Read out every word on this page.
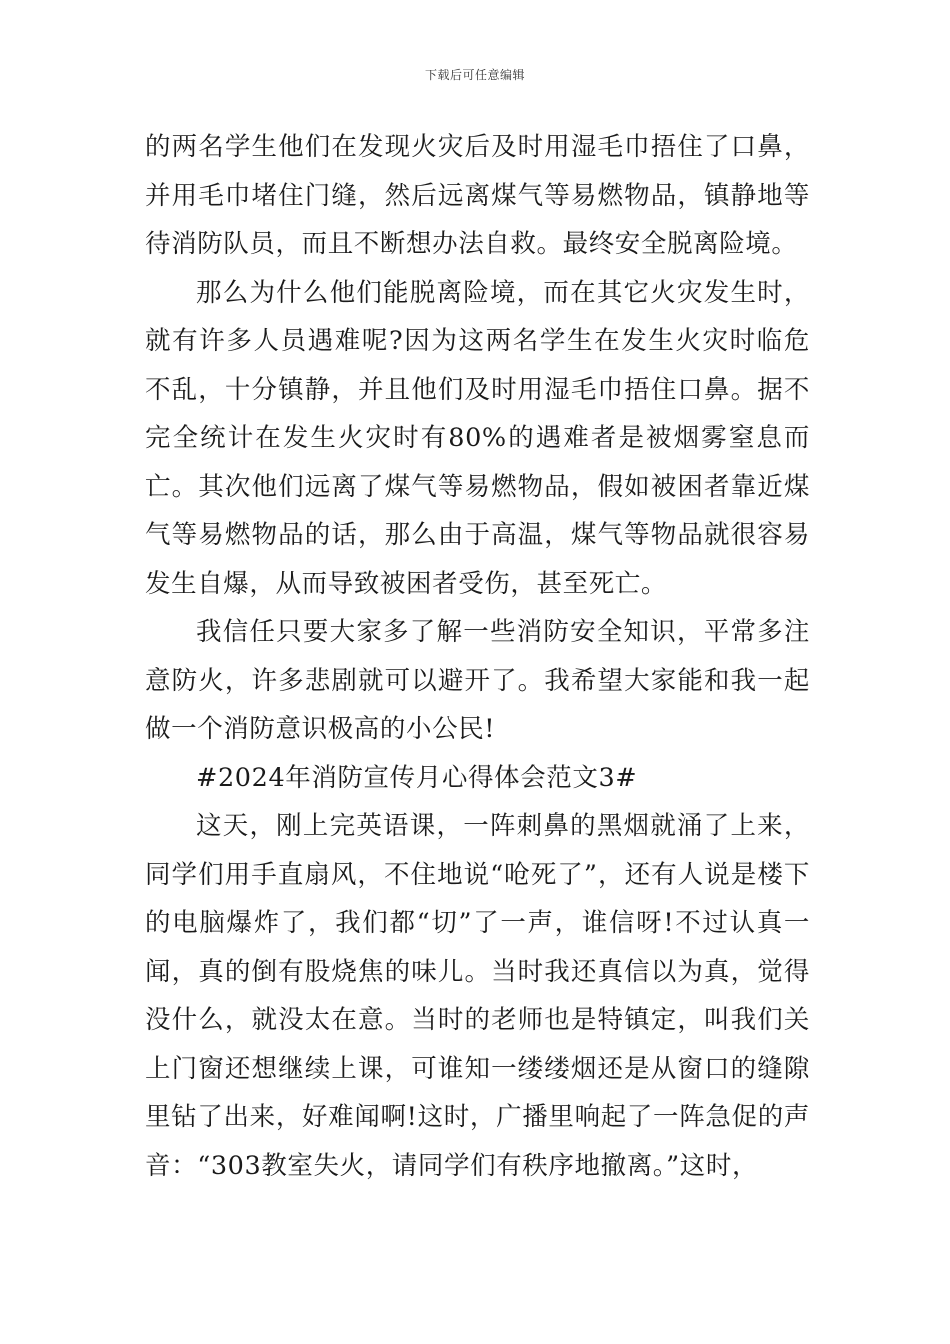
下载后可任意编辑

的两名学生他们在发现火灾后及时用湿毛巾捂住了口鼻，并用毛巾堵住门缝，然后远离煤气等易燃物品，镇静地等待消防队员，而且不断想办法自救。最终安全脱离险境。

那么为什么他们能脱离险境，而在其它火灾发生时，就有许多人员遇难呢?因为这两名学生在发生火灾时临危不乱，十分镇静，并且他们及时用湿毛巾捂住口鼻。据不完全统计在发生火灾时有80%的遇难者是被烟雾窒息而亡。其次他们远离了煤气等易燃物品，假如被困者靠近煤气等易燃物品的话，那么由于高温，煤气等物品就很容易发生自爆，从而导致被困者受伤，甚至死亡。

我信任只要大家多了解一些消防安全知识，平常多注意防火，许多悲剧就可以避开了。我希望大家能和我一起做一个消防意识极高的小公民!

#2024年消防宣传月心得体会范文3#

这天，刚上完英语课，一阵刺鼻的黑烟就涌了上来，同学们用手直扇风，不住地说“呛死了”，还有人说是楼下的电脑爆炸了，我们都“切”了一声，谁信呀!不过认真一闻，真的倒有股烧焦的味儿。当时我还真信以为真，觉得没什么，就没太在意。当时的老师也是特镇定，叫我们关上门窗还想继续上课，可谁知一缕缕烟还是从窗口的缝隙里钻了出来，好难闻啊!这时，广播里响起了一阵急促的声音：“303教室失火，请同学们有秩序地撤离。”这时，
